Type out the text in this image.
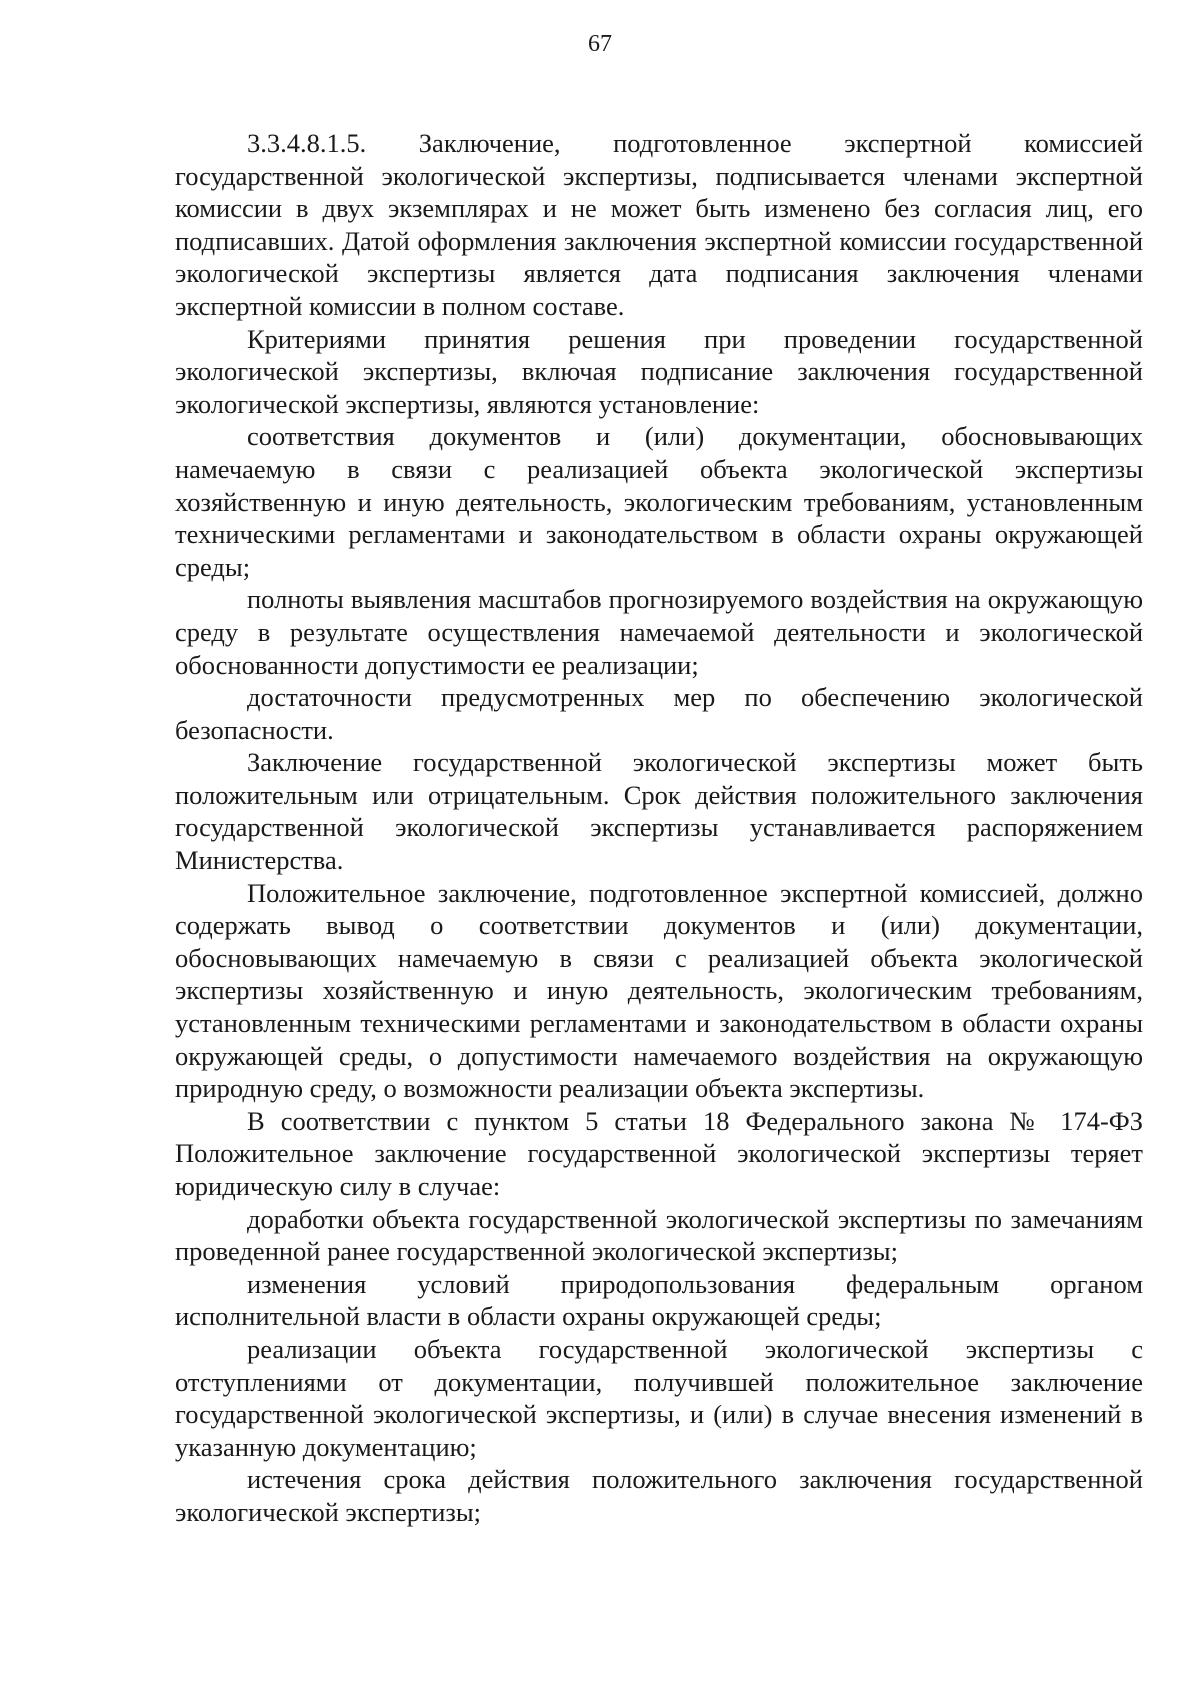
67

3.3.4.8.1.5. Заключение, подготовленное экспертной комиссией государственной экологической экспертизы, подписывается членами экспертной комиссии в двух экземплярах и не может быть изменено без согласия лиц, его подписавших. Датой оформления заключения экспертной комиссии государственной экологической экспертизы является дата подписания заключения членами экспертной комиссии в полном составе.

Критериями принятия решения при проведении государственной экологической экспертизы, включая подписание заключения государственной экологической экспертизы, являются установление:

соответствия документов и (или) документации, обосновывающих намечаемую в связи с реализацией объекта экологической экспертизы хозяйственную и иную деятельность, экологическим требованиям, установленным техническими регламентами и законодательством в области охраны окружающей среды;

полноты выявления масштабов прогнозируемого воздействия на окружающую среду в результате осуществления намечаемой деятельности и экологической обоснованности допустимости ее реализации;

достаточности предусмотренных мер по обеспечению экологической безопасности.

Заключение государственной экологической экспертизы может быть положительным или отрицательным. Срок действия положительного заключения государственной экологической экспертизы устанавливается распоряжением Министерства.

Положительное заключение, подготовленное экспертной комиссией, должно содержать вывод о соответствии документов и (или) документации, обосновывающих намечаемую в связи с реализацией объекта экологической экспертизы хозяйственную и иную деятельность, экологическим требованиям, установленным техническими регламентами и законодательством в области охраны окружающей среды, о допустимости намечаемого воздействия на окружающую природную среду, о возможности реализации объекта экспертизы.

В соответствии с пунктом 5 статьи 18 Федерального закона № 174-ФЗ Положительное заключение государственной экологической экспертизы теряет юридическую силу в случае:

доработки объекта государственной экологической экспертизы по замечаниям проведенной ранее государственной экологической экспертизы;

изменения условий природопользования федеральным органом исполнительной власти в области охраны окружающей среды;

реализации объекта государственной экологической экспертизы с отступлениями от документации, получившей положительное заключение государственной экологической экспертизы, и (или) в случае внесения изменений в указанную документацию;

истечения срока действия положительного заключения государственной экологической экспертизы;
